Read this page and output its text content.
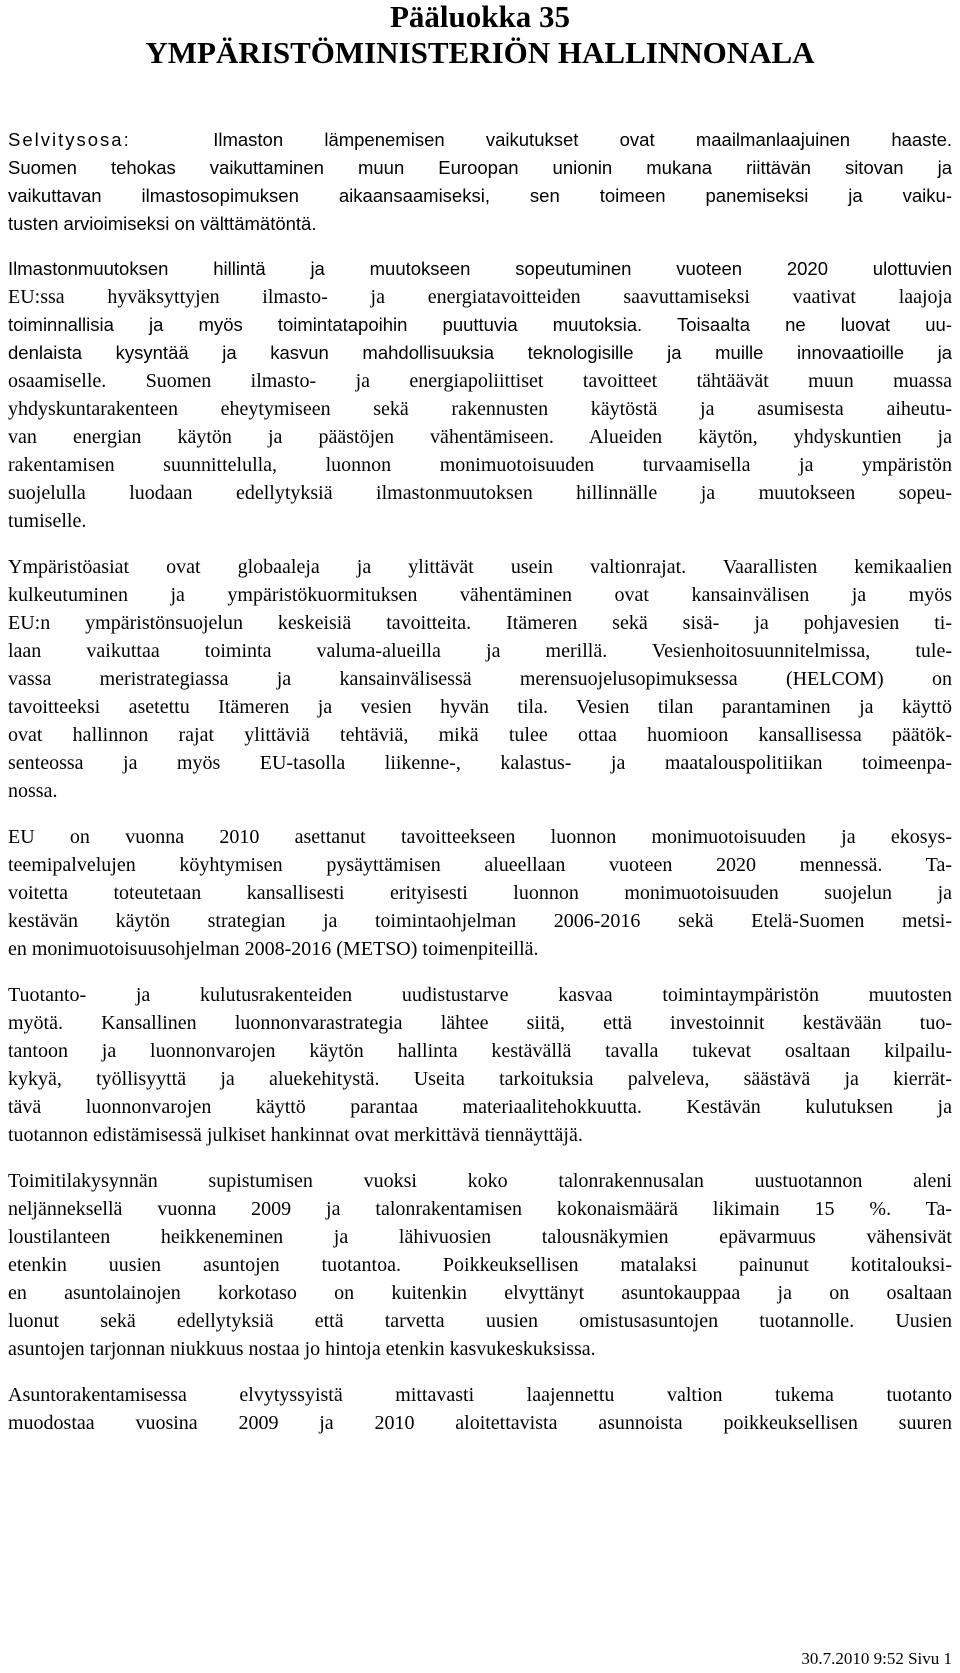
Pääluokka 35
YMPÄRISTÖMINISTERIÖN HALLINNONALA
Selvitysosa:	Ilmaston lämpenemisen vaikutukset ovat maailmanlaajuinen haaste.
Suomen tehokas vaikuttaminen muun Euroopan unionin mukana riittävän sitovan ja
vaikuttavan ilmastosopimuksen aikaansaamiseksi, sen toimeen panemiseksi ja vaiku-
tusten arvioimiseksi on välttämätöntä.
Ilmastonmuutoksen hillintä ja muutokseen sopeutuminen vuoteen 2020 ulottuvien
EU:ssa hyväksyttyjen ilmasto- ja energiatavoitteiden saavuttamiseksi vaativat laajoja
toiminnallisia ja myös toimintatapoihin puuttuvia muutoksia. Toisaalta ne luovat uu-
denlaista kysyntää ja kasvun mahdollisuuksia teknologisille ja muille innovaatioille ja
osaamiselle. Suomen ilmasto- ja energiapoliittiset tavoitteet tähtäävät muun muassa
yhdyskuntarakenteen eheytymiseen sekä rakennusten käytöstä ja asumisesta aiheutu-
van energian käytön ja päästöjen vähentämiseen. Alueiden käytön, yhdyskuntien ja
rakentamisen suunnittelulla, luonnon monimuotoisuuden turvaamisella ja ympäristön
suojelulla luodaan edellytyksiä ilmastonmuutoksen hillinnälle ja muutokseen sopeu-
tumiselle.
Ympäristöasiat ovat globaaleja ja ylittävät usein valtionrajat. Vaarallisten kemikaalien
kulkeutuminen ja ympäristökuormituksen vähentäminen ovat kansainvälisen ja myös
EU:n ympäristönsuojelun keskeisiä tavoitteita. Itämeren sekä sisä- ja pohjavesien ti-
laan vaikuttaa toiminta valuma-alueilla ja merillä. Vesienhoitosuunnitelmissa, tule-
vassa meristrategiassa ja kansainvälisessä merensuojelusopimuksessa (HELCOM) on
tavoitteeksi asetettu Itämeren ja vesien hyvän tila. Vesien tilan parantaminen ja käyttö
ovat hallinnon rajat ylittäviä tehtäviä, mikä tulee ottaa huomioon kansallisessa päätök-
senteossa ja myös EU-tasolla liikenne-, kalastus- ja maatalouspolitiikan toimeenpa-
nossa.
EU on vuonna 2010 asettanut tavoitteekseen luonnon monimuotoisuuden ja ekosys-
teemipalvelujen köyhtymisen pysäyttämisen alueellaan vuoteen 2020 mennessä. Ta-
voitetta toteutetaan kansallisesti erityisesti luonnon monimuotoisuuden suojelun ja
kestävän käytön strategian ja toimintaohjelman 2006-2016 sekä Etelä-Suomen metsi-
en monimuotoisuusohjelman 2008-2016 (METSO) toimenpiteillä.
Tuotanto- ja kulutusrakenteiden uudistustarve kasvaa toimintaympäristön muutosten
myötä. Kansallinen luonnonvarastrategia lähtee siitä, että investoinnit kestävään tuo-
tantoon ja luonnonvarojen käytön hallinta kestävällä tavalla tukevat osaltaan kilpailu-
kykyä, työllisyyttä ja aluekehitystä. Useita tarkoituksia palveleva, säästävä ja kierrät-
tävä luonnonvarojen käyttö parantaa materiaalitehokkuutta. Kestävän kulutuksen ja
tuotannon edistämisessä julkiset hankinnat ovat merkittävä tiennäyttäjä.
Toimitilakysynnän supistumisen vuoksi koko talonrakennusalan uustuotannon aleni
neljänneksellä vuonna 2009 ja talonrakentamisen kokonaismäärä likimain 15 %. Ta-
loustilanteen heikkeneminen ja lähivuosien talousnäkymien epävarmuus vähensivät
etenkin uusien asuntojen tuotantoa. Poikkeuksellisen matalaksi painunut kotitalouksi-
en asuntolainojen korkotaso on kuitenkin elvyttänyt asuntokauppaa ja on osaltaan
luonut sekä edellytyksiä että tarvetta uusien omistusasuntojen tuotannolle. Uusien
asuntojen tarjonnan niukkuus nostaa jo hintoja etenkin kasvukeskuksissa.
Asuntorakentamisessa elvytyssyistä mittavasti laajennettu valtion tukema tuotanto
muodostaa vuosina 2009 ja 2010 aloitettavista asunnoista poikkeuksellisen suuren
30.7.2010 9:52 Sivu 1
